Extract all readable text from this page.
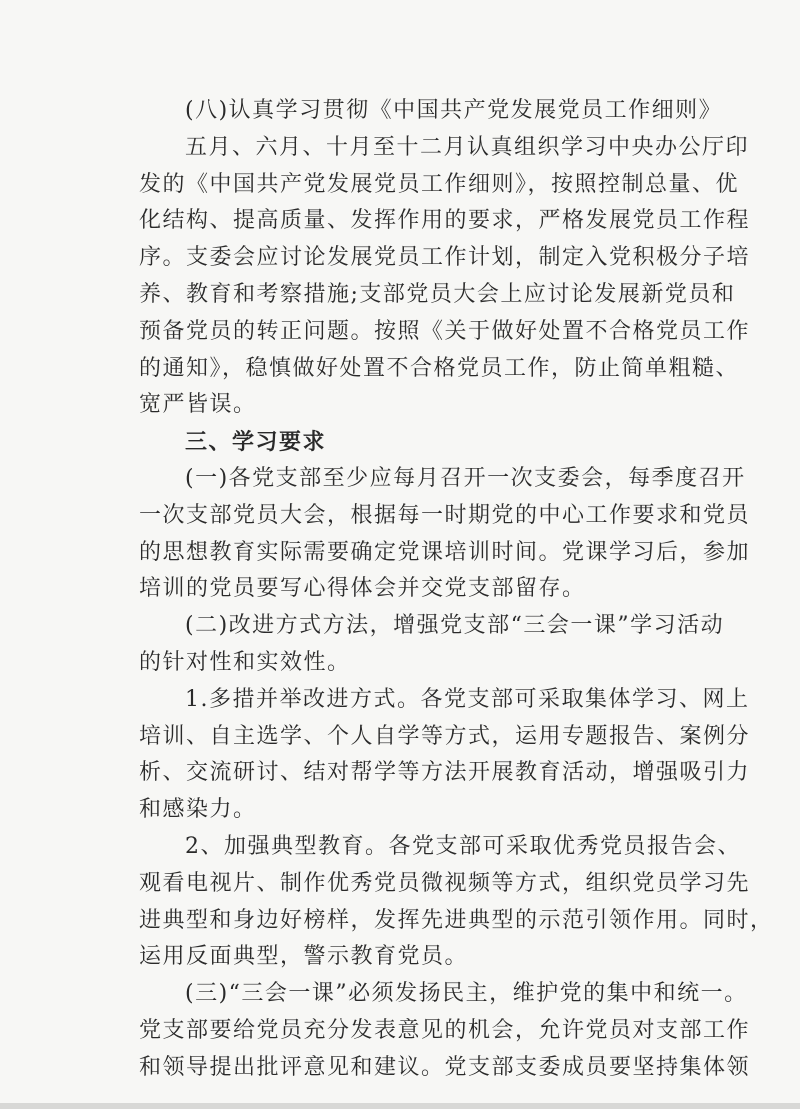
(八)认真学习贯彻《中国共产党发展党员工作细则》
五月、六月、十月至十二月认真组织学习中央办公厅印
发的《中国共产党发展党员工作细则》，按照控制总量、优
化结构、提高质量、发挥作用的要求，严格发展党员工作程
序。支委会应讨论发展党员工作计划，制定入党积极分子培
养、教育和考察措施;支部党员大会上应讨论发展新党员和
预备党员的转正问题。按照《关于做好处置不合格党员工作
的通知》，稳慎做好处置不合格党员工作，防止简单粗糙、
宽严皆误。
三、学习要求
(一)各党支部至少应每月召开一次支委会，每季度召开
一次支部党员大会，根据每一时期党的中心工作要求和党员
的思想教育实际需要确定党课培训时间。党课学习后，参加
培训的党员要写心得体会并交党支部留存。
(二)改进方式方法，增强党支部“三会一课”学习活动
的针对性和实效性。
1.多措并举改进方式。各党支部可采取集体学习、网上
培训、自主选学、个人自学等方式，运用专题报告、案例分
析、交流研讨、结对帮学等方法开展教育活动，增强吸引力
和感染力。
2、加强典型教育。各党支部可采取优秀党员报告会、
观看电视片、制作优秀党员微视频等方式，组织党员学习先
进典型和身边好榜样，发挥先进典型的示范引领作用。同时，
运用反面典型，警示教育党员。
(三)“三会一课”必须发扬民主，维护党的集中和统一。
党支部要给党员充分发表意见的机会，允许党员对支部工作
和领导提出批评意见和建议。党支部支委成员要坚持集体领
